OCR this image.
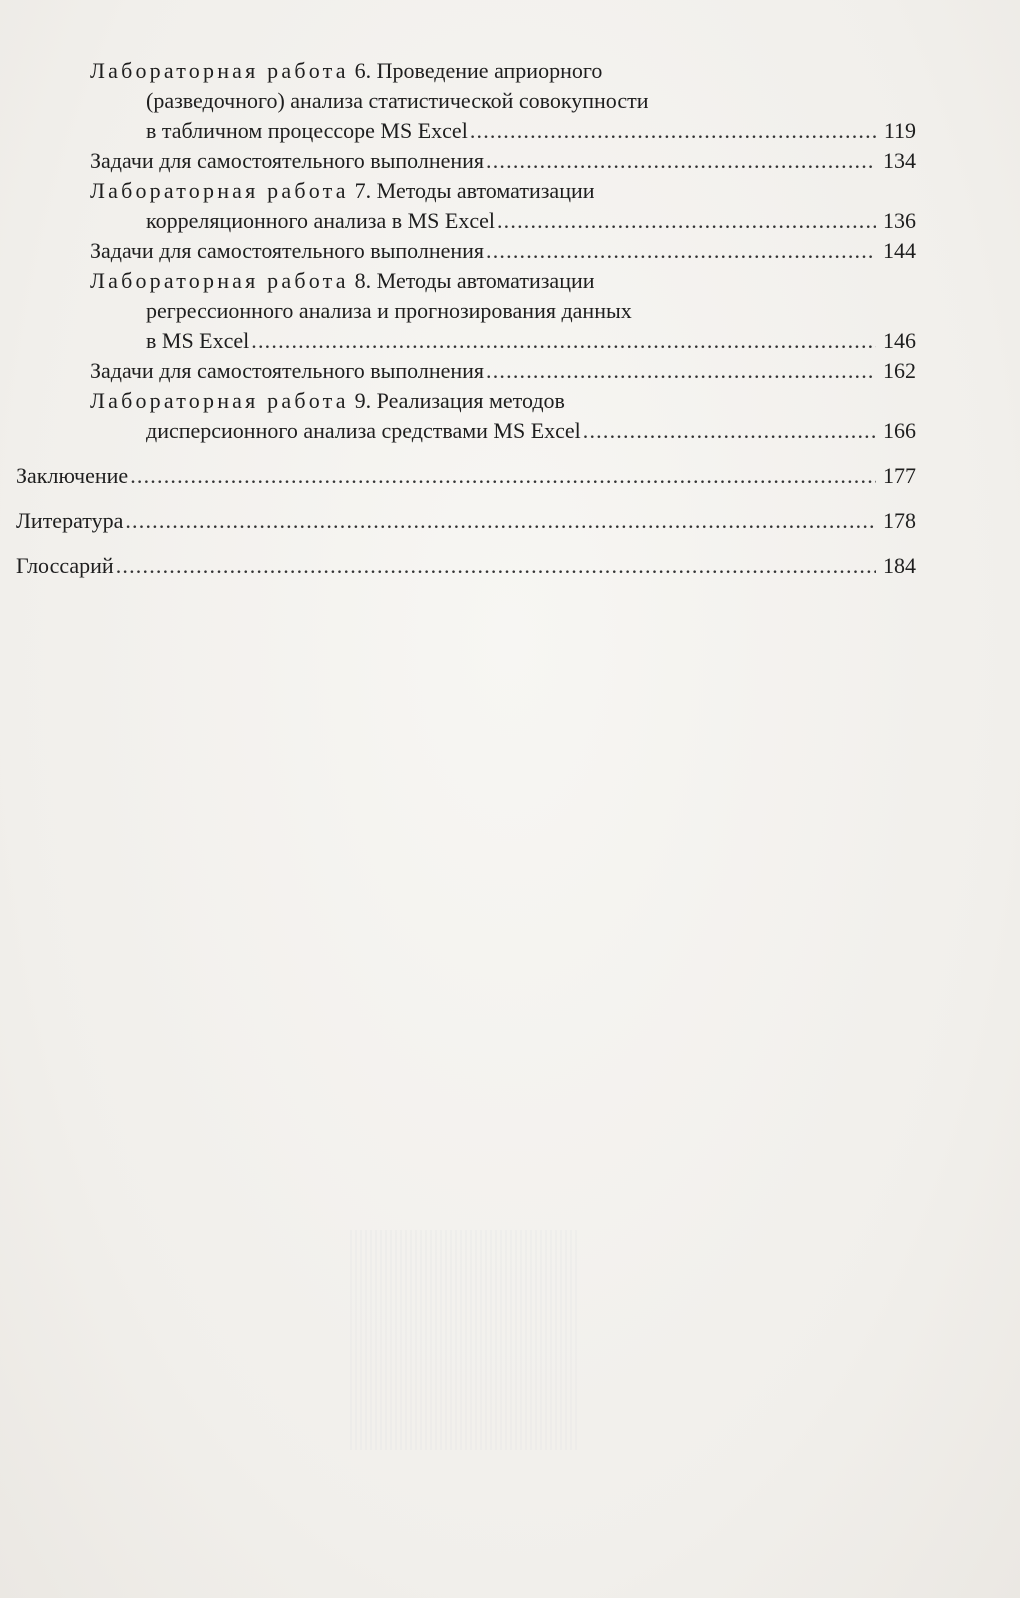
Лабораторная работа 6. Проведение априорного
(разведочного) анализа статистической совокупности
в табличном процессоре MS Excel .....	119
Задачи для самостоятельного выполнения .....	134
Лабораторная работа 7. Методы автоматизации
корреляционного анализа в MS Excel .....	136
Задачи для самостоятельного выполнения .....	144
Лабораторная работа 8. Методы автоматизации
регрессионного анализа и прогнозирования данных
в MS Excel .....	146
Задачи для самостоятельного выполнения .....	162
Лабораторная работа 9. Реализация методов
дисперсионного анализа средствами MS Excel .....	166
Заключение .....	177
Литература .....	178
Глоссарий .....	184
